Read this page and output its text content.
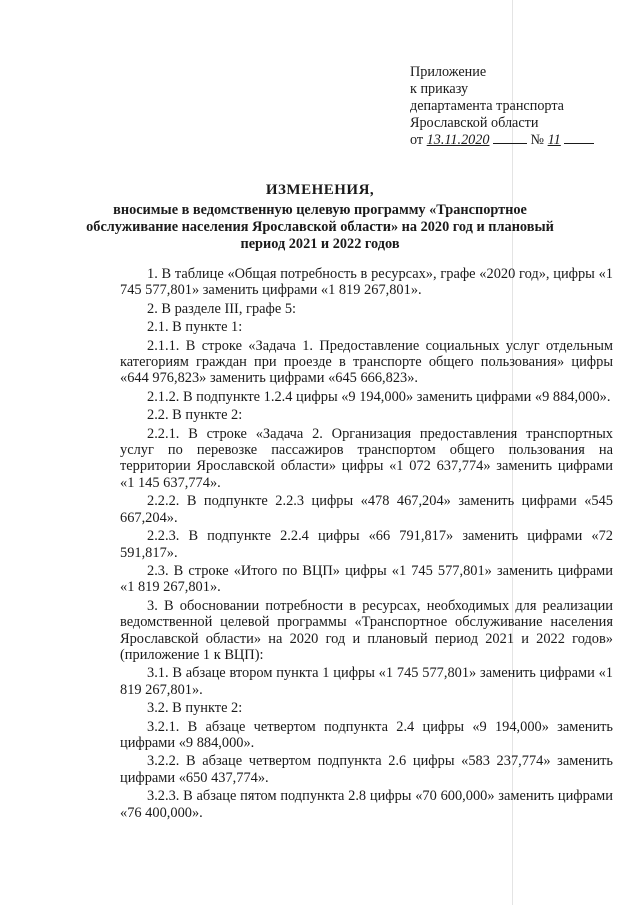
Приложение
к приказу
департамента транспорта
Ярославской области
от 13.11.2020	№ 11
ИЗМЕНЕНИЯ,
вносимые в ведомственную целевую программу «Транспортное
обслуживание населения Ярославской области» на 2020 год и плановый
период 2021 и 2022 годов

1. В таблице «Общая потребность в ресурсах», графе «2020 год», цифры «1 745 577,801» заменить цифрами «1 819 267,801».

2. В разделе III, графе 5:

2.1. В пункте 1:

2.1.1. В строке «Задача 1. Предоставление социальных услуг отдельным категориям граждан при проезде в транспорте общего пользования» цифры «644 976,823» заменить цифрами «645 666,823».

2.1.2. В подпункте 1.2.4 цифры «9 194,000» заменить цифрами «9 884,000».

2.2. В пункте 2:

2.2.1. В строке «Задача 2. Организация предоставления транспортных услуг по перевозке пассажиров транспортом общего пользования на территории Ярославской области» цифры «1 072 637,774» заменить цифрами «1 145 637,774».

2.2.2. В подпункте 2.2.3 цифры «478 467,204» заменить цифрами «545 667,204».

2.2.3. В подпункте 2.2.4 цифры «66 791,817» заменить цифрами «72 591,817».

2.3. В строке «Итого по ВЦП» цифры «1 745 577,801» заменить цифрами «1 819 267,801».

3. В обосновании потребности в ресурсах, необходимых для реализации ведомственной целевой программы «Транспортное обслуживание населения Ярославской области» на 2020 год и плановый период 2021 и 2022 годов» (приложение 1 к ВЦП):

3.1. В абзаце втором пункта 1 цифры «1 745 577,801» заменить цифрами «1 819 267,801».

3.2. В пункте 2:

3.2.1. В абзаце четвертом подпункта 2.4 цифры «9 194,000» заменить цифрами «9 884,000».

3.2.2. В абзаце четвертом подпункта 2.6 цифры «583 237,774» заменить цифрами «650 437,774».

3.2.3. В абзаце пятом подпункта 2.8 цифры «70 600,000» заменить цифрами «76 400,000».
